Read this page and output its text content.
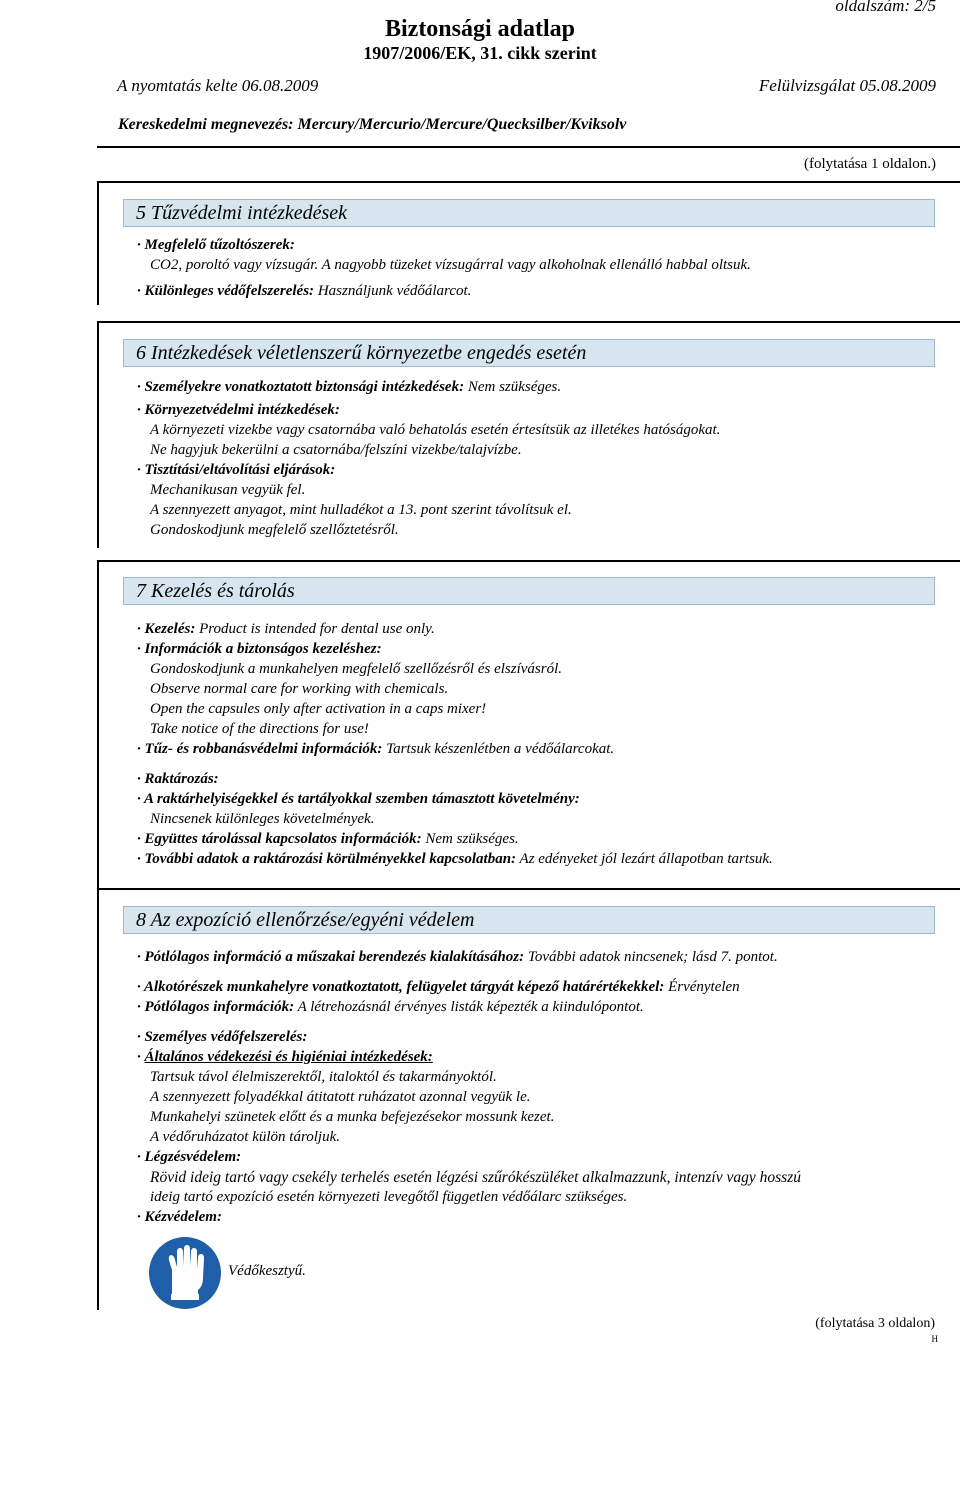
oldalszám: 2/5
Biztonsági adatlap
1907/2006/EK, 31. cikk szerint
A nyomtatás kelte 06.08.2009	Felülvizsgálat 05.08.2009
Kereskedelmi megnevezés: Mercury/Mercurio/Mercure/Quecksilber/Kviksolv
(folytatása 1 oldalon.)
5 Tűzvédelmi intézkedések
· Megfelelő tűzoltószerek:
CO2, poroltó vagy vízsugár. A nagyobb tüzeket vízsugárral vagy alkoholnak ellenálló habbal oltsuk.
· Különleges védőfelszerelés: Használjunk védőálarcot.
6 Intézkedések véletlenszerű környezetbe engedés esetén
· Személyekre vonatkoztatott biztonsági intézkedések: Nem szükséges.
· Környezetvédelmi intézkedések:
A környezeti vizekbe vagy csatornába való behatolás esetén értesítsük az illetékes hatóságokat.
Ne hagyjuk bekerülni a csatornába/felszíni vizekbe/talajvízbe.
· Tisztítási/eltávolítási eljárások:
Mechanikusan vegyük fel.
A szennyezett anyagot, mint hulladékot a 13. pont szerint távolítsuk el.
Gondoskodjunk megfelelő szellőztetésről.
7 Kezelés és tárolás
· Kezelés: Product is intended for dental use only.
· Információk a biztonságos kezeléshez:
Gondoskodjunk a munkahelyen megfelelő szellőzésről és elszívásról.
Observe normal care for working with chemicals.
Open the capsules only after activation in a caps mixer!
Take notice of the directions for use!
· Tűz- és robbanásvédelmi információk: Tartsuk készenlétben a védőálarcokat.
· Raktározás:
· A raktárhelyiségekkel és tartályokkal szemben támasztott követelmény:
Nincsenek különleges követelmények.
· Együttes tárolással kapcsolatos információk: Nem szükséges.
· További adatok a raktározási körülményekkel kapcsolatban: Az edényeket jól lezárt állapotban tartsuk.
8 Az expozíció ellenőrzése/egyéni védelem
· Pótlólagos információ a műszakai berendezés kialakításához: További adatok nincsenek; lásd 7. pontot.
· Alkotórészek munkahelyre vonatkoztatott, felügyelet tárgyát képező határértékekkel: Érvénytelen
· Pótlólagos információk: A létrehozásnál érvényes listák képezték a kiindulópontot.
· Személyes védőfelszerelés:
· Általános védekezési és higiéniai intézkedések:
Tartsuk távol élelmiszerektől, italoktól és takarmányoktól.
A szennyezett folyadékkal átitatott ruházatot azonnal vegyük le.
Munkahelyi szünetek előtt és a munka befejezésekor mossunk kezet.
A védőruházatot külön tároljuk.
· Légzésvédelem:
Rövid ideig tartó vagy csekély terhelés esetén légzési szűrókészüléket alkalmazzunk, intenzív vagy hosszú
ideig tartó expozíció esetén környezeti levegőtől független védőálarc szükséges.
· Kézvédelem:
Védőkesztyű.
(folytatása 3 oldalon)
H
